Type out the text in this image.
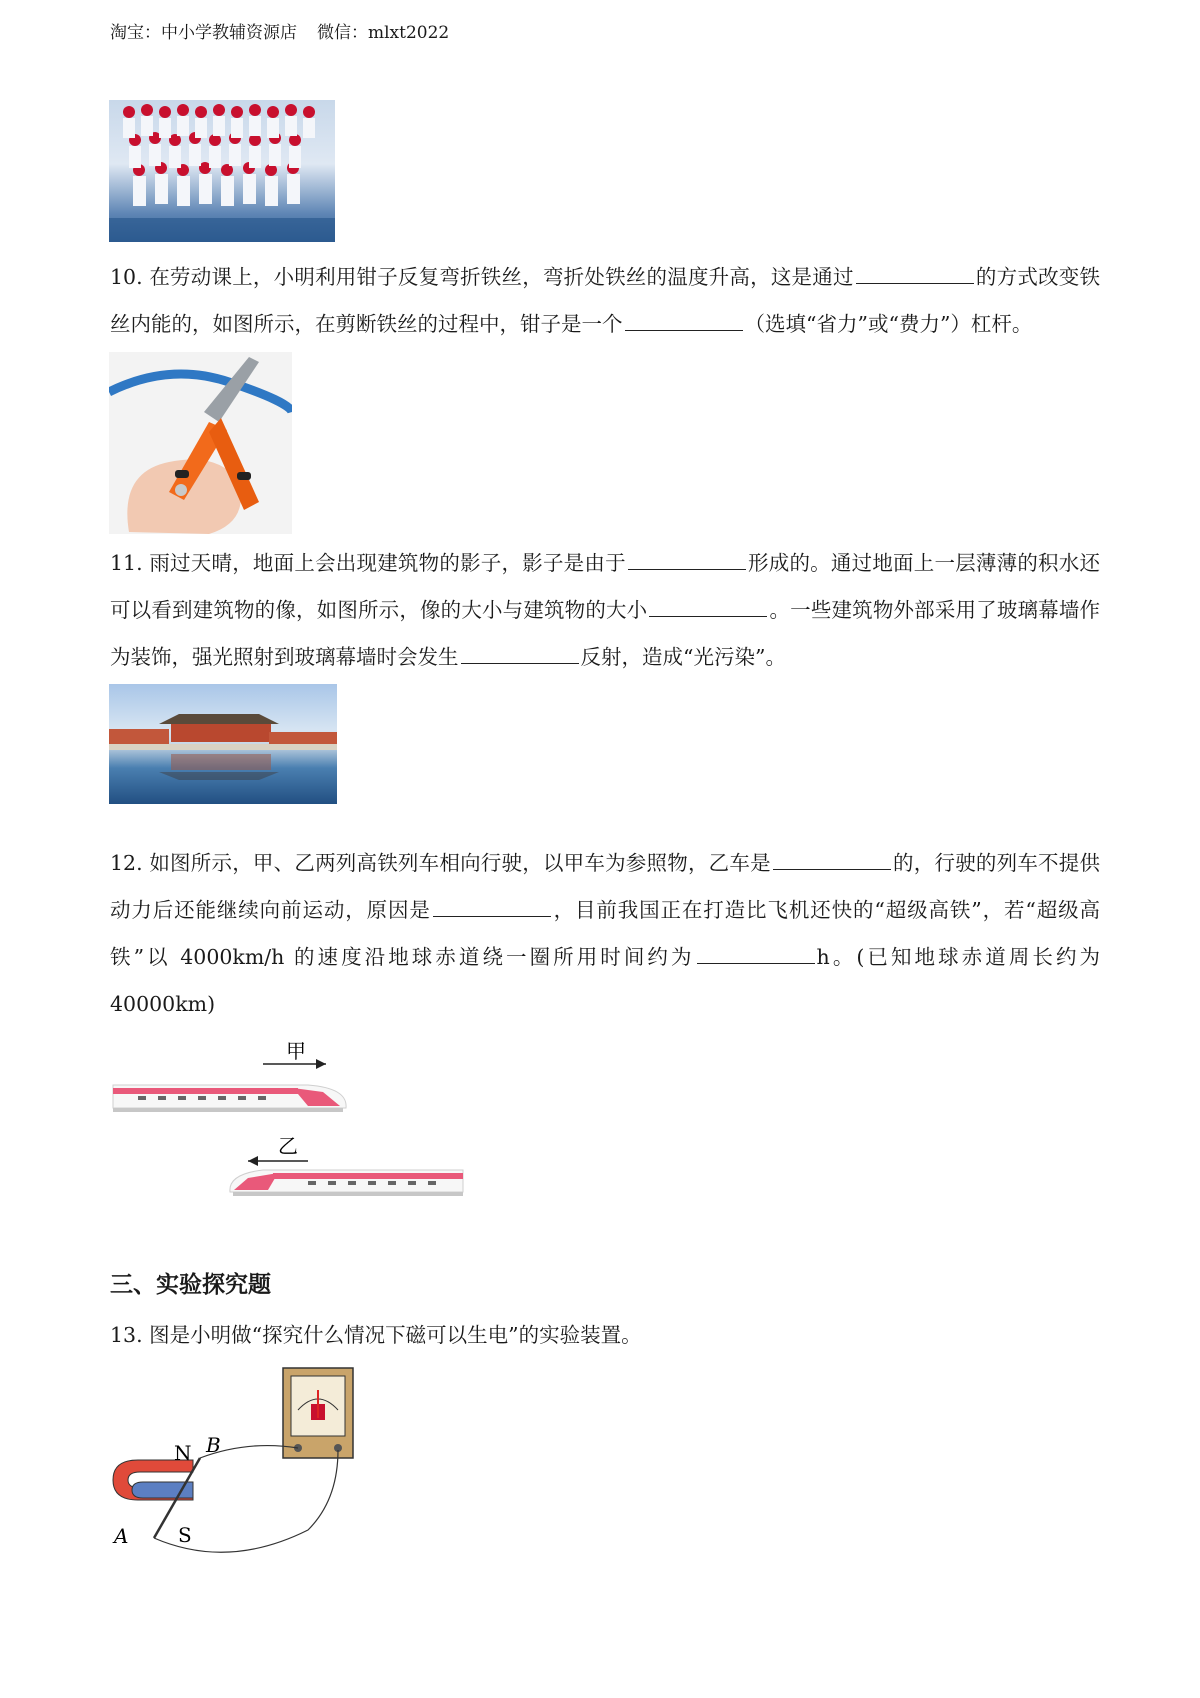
淘宝：中小学教辅资源店 微信：mlxt2022
10. 在劳动课上，小明利用钳子反复弯折铁丝，弯折处铁丝的温度升高，这是通过	的方式改变铁丝内能的，如图所示，在剪断铁丝的过程中，钳子是一个	（选填“省力”或“费力”）杠杆。
11. 雨过天晴，地面上会出现建筑物的影子，影子是由于	形成的。通过地面上一层薄薄的积水还可以看到建筑物的像，如图所示，像的大小与建筑物的大小	。一些建筑物外部采用了玻璃幕墙作为装饰，强光照射到玻璃幕墙时会发生	反射，造成“光污染”。
12. 如图所示，甲、乙两列高铁列车相向行驶，以甲车为参照物，乙车是	的，行驶的列车不提供动力后还能继续向前运动，原因是	，目前我国正在打造比飞机还快的“超级高铁”，若“超级高铁”以 4000km/h 的速度沿地球赤道绕一圈所用时间约为	h。(已知地球赤道周长约为 40000km)
甲
乙
三、实验探究题
13. 图是小明做“探究什么情况下磁可以生电”的实验装置。
N B
A S
